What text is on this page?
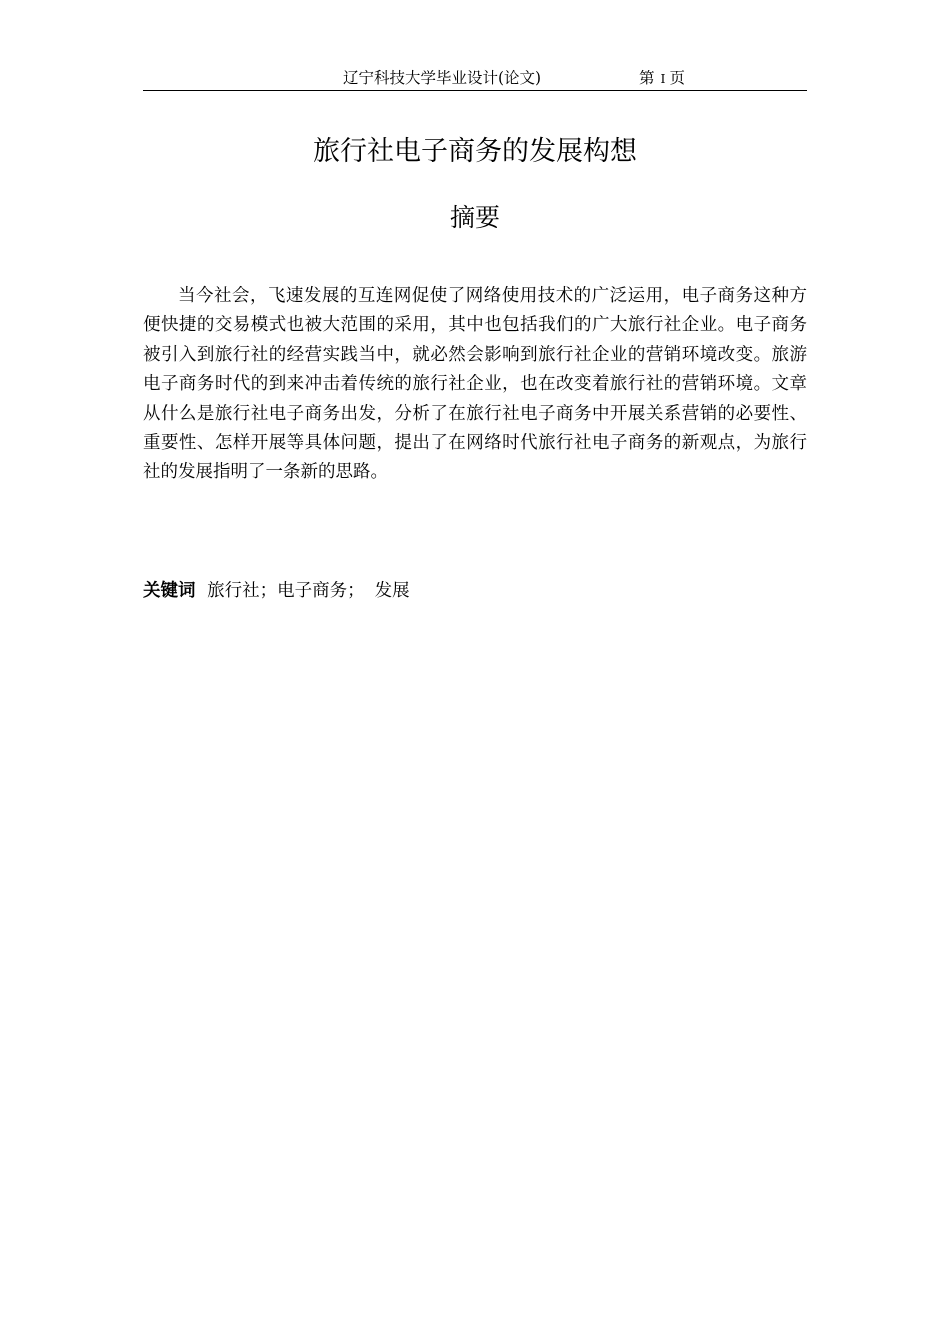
辽宁科技大学毕业设计(论文)	第 I 页
旅行社电子商务的发展构想
摘要

当今社会，飞速发展的互连网促使了网络使用技术的广泛运用，电子商务这种方便快捷的交易模式也被大范围的采用，其中也包括我们的广大旅行社企业。电子商务被引入到旅行社的经营实践当中，就必然会影响到旅行社企业的营销环境改变。旅游电子商务时代的到来冲击着传统的旅行社企业，也在改变着旅行社的营销环境。文章从什么是旅行社电子商务出发，分析了在旅行社电子商务中开展关系营销的必要性、重要性、怎样开展等具体问题，提出了在网络时代旅行社电子商务的新观点，为旅行社的发展指明了一条新的思路。

关键词 旅行社；电子商务； 发展
